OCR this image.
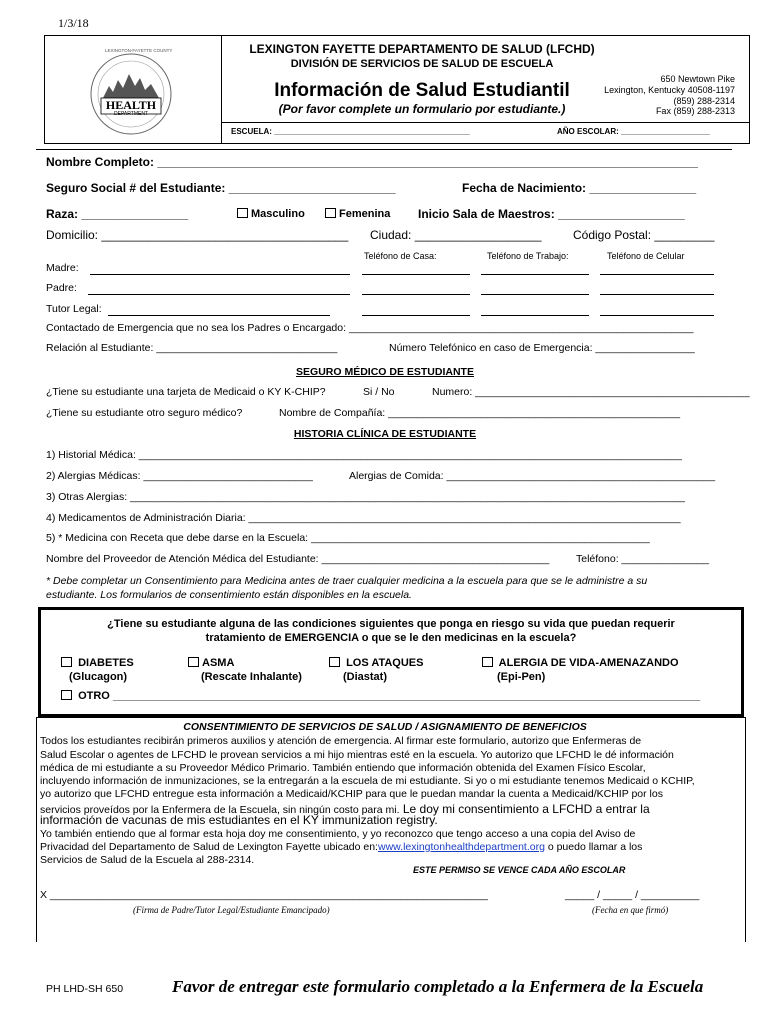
1/3/18
HEALTH
DEPARTMENT
LEXINGTON-FAYETTE COUNTY	LEXINGTON FAYETTE DEPARTAMENTO DE SALUD (LFCHD)
DIVISIÓN DE SERVICIOS DE SALUD DE ESCUELA
Información de Salud Estudiantil
(Por favor complete un formulario por estudiante.)
650 Newtown Pike
Lexington, Kentucky 40508-1197
(859) 288-2314
Fax (859) 288-2313
ESCUELA: ____________________________________________	AÑO ESCOLAR: ____________________
Nombre Completo: _________________________________________________________________________________
Seguro Social # del Estudiante: _________________________	Fecha de Nacimiento: ________________
Raza: ________________	Masculino	Femenina Inicio Sala de Maestros: ___________________
Domicilio: _____________________________________ Ciudad: ___________________	Código Postal: _________
Teléfono de Casa:	Teléfono de Trabajo:	Teléfono de Celular
Madre:
Padre:
Tutor Legal:
Contactado de Emergencia que no sea los Padres o Encargado: ___________________________________________________________
Relación al Estudiante: _______________________________	Número Telefónico en caso de Emergencia: _________________
SEGURO MÉDICO DE ESTUDIANTE
¿Tiene su estudiante una tarjeta de Medicaid o KY K-CHIP?	Si / No	Numero: _______________________________________________
¿Tiene su estudiante otro seguro médico?	Nombre de Compañía: __________________________________________________
HISTORIA CLÍNICA DE ESTUDIANTE
1) Historial Médica: _____________________________________________________________________________________________
2) Alergias Médicas: _____________________________	Alergias de Comida: ______________________________________________
3) Otras Alergias: _______________________________________________________________________________________________
4) Medicamentos de Administración Diaria: __________________________________________________________________________
5) * Medicina con Receta que debe darse en la Escuela: __________________________________________________________
Nombre del Proveedor de Atención Médica del Estudiante: _______________________________________	Teléfono: _______________
* Debe completar un Consentimiento para Medicina antes de traer cualquier medicina a la escuela para que se le administre a su
estudiante. Los formularios de consentimiento están disponibles en la escuela.
¿Tiene su estudiante alguna de las condiciones siguientes que ponga en riesgo su vida que puedan requerir
tratamiento de EMERGENCIA o que se le den medicinas en la escuela?
DIABETES
(Glucagon)
ASMA
(Rescate Inhalante)
LOS ATAQUES
(Diastat)
ALERGIA DE VIDA-AMENAZANDO
(Epi-Pen)
OTRO ________________________________________________________________________________________________
CONSENTIMIENTO DE SERVICIOS DE SALUD / ASIGNAMIENTO DE BENEFICIOS
Todos los estudiantes recibirán primeros auxilios y atención de emergencia. Al firmar este formulario, autorizo que Enfermeras de
Salud Escolar o agentes de LFCHD le provean servicios a mi hijo mientras esté en la escuela. Yo autorizo que LFCHD le dé información
médica de mi estudiante a su Proveedor Médico Primario. También entiendo que información obtenida del Examen Físico Escolar,
incluyendo información de inmunizaciones, se la entregarán a la escuela de mi estudiante. Si yo o mi estudiante tenemos Medicaid o KCHIP,
yo autorizo que LFCHD entregue esta información a Medicaid/KCHIP para que le puedan mandar la cuenta a Medicaid/KCHIP por los
servicios proveídos por la Enfermera de la Escuela, sin ningún costo para mi. Le doy mi consentimiento a LFCHD a entrar la
información de vacunas de mis estudiantes en el KY immunization registry.
Yo también entiendo que al formar esta hoja doy me consentimiento, y yo reconozco que tengo acceso a una copia del Aviso de
Privacidad del Departamento de Salud de Lexington Fayette ubicado en:www.lexingtonhealthdepartment.org o puedo llamar a los
Servicios de Salud de la Escuela al 288-2314.
ESTE PERMISO SE VENCE CADA AÑO ESCOLAR
X ___________________________________________________________________________	_____ / _____ / __________
(Firma de Padre/Tutor Legal/Estudiante Emancipado)	(Fecha en que firmó)
PH LHD-SH 650	Favor de entregar este formulario completado a la Enfermera de la Escuela
